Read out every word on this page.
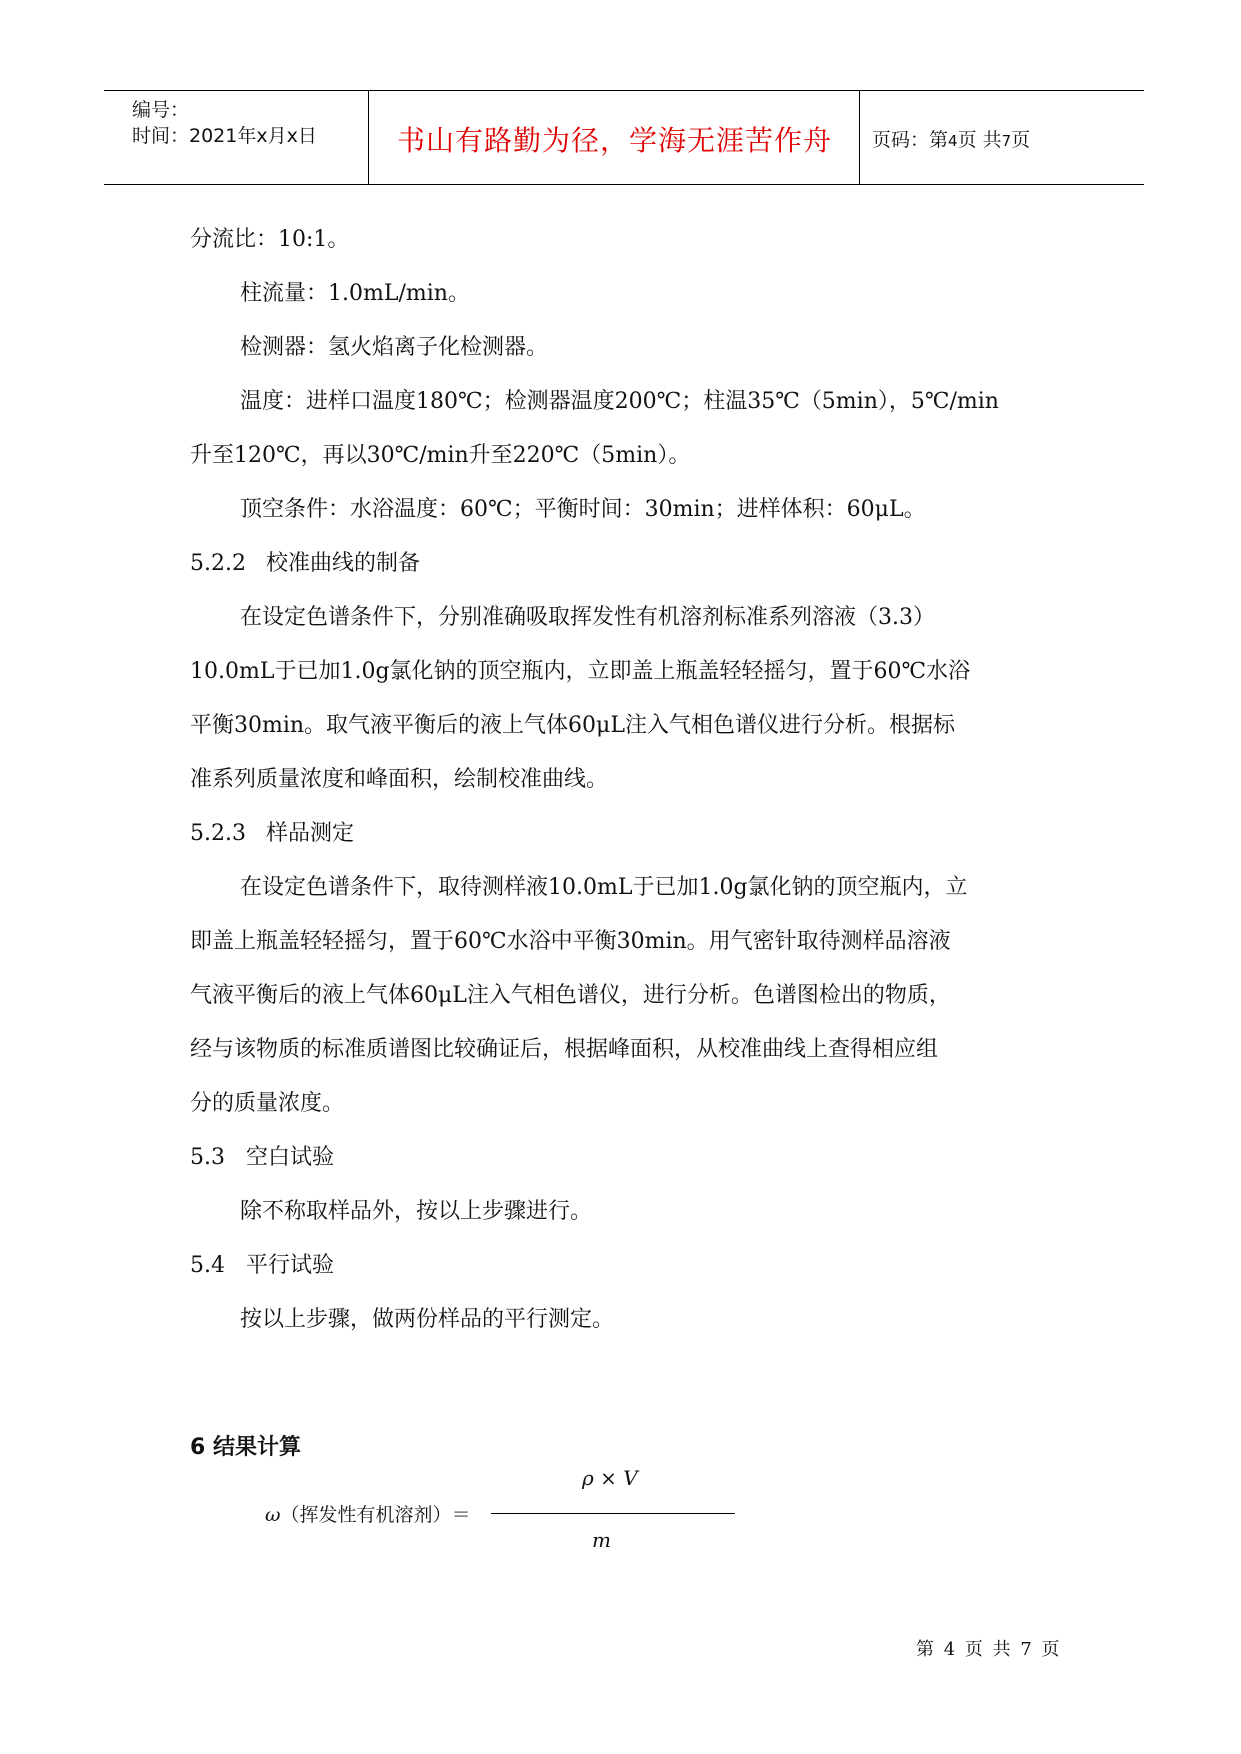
编号：
时间：2021年x月x日	书山有路勤为径，学海无涯苦作舟	页码：第4页 共7页
分流比：10:1。
柱流量：1.0mL/min。
检测器：氢火焰离子化检测器。
温度：进样口温度180℃；检测器温度200℃；柱温35℃（5min），5℃/min
升至120℃，再以30℃/min升至220℃（5min）。
顶空条件：水浴温度：60℃；平衡时间：30min；进样体积：60μL。
5.2.2 校准曲线的制备
在设定色谱条件下，分别准确吸取挥发性有机溶剂标准系列溶液（3.3）
10.0mL于已加1.0g氯化钠的顶空瓶内，立即盖上瓶盖轻轻摇匀，置于60℃水浴
平衡30min。取气液平衡后的液上气体60μL注入气相色谱仪进行分析。根据标
准系列质量浓度和峰面积，绘制校准曲线。
5.2.3 样品测定
在设定色谱条件下，取待测样液10.0mL于已加1.0g氯化钠的顶空瓶内，立
即盖上瓶盖轻轻摇匀，置于60℃水浴中平衡30min。用气密针取待测样品溶液
气液平衡后的液上气体60μL注入气相色谱仪，进行分析。色谱图检出的物质，
经与该物质的标准质谱图比较确证后，根据峰面积，从校准曲线上查得相应组
分的质量浓度。
5.3 空白试验
除不称取样品外，按以上步骤进行。
5.4 平行试验
按以上步骤，做两份样品的平行测定。
6 结果计算
ρ × V
ω（挥发性有机溶剂）＝
m
第 4 页 共 7 页
